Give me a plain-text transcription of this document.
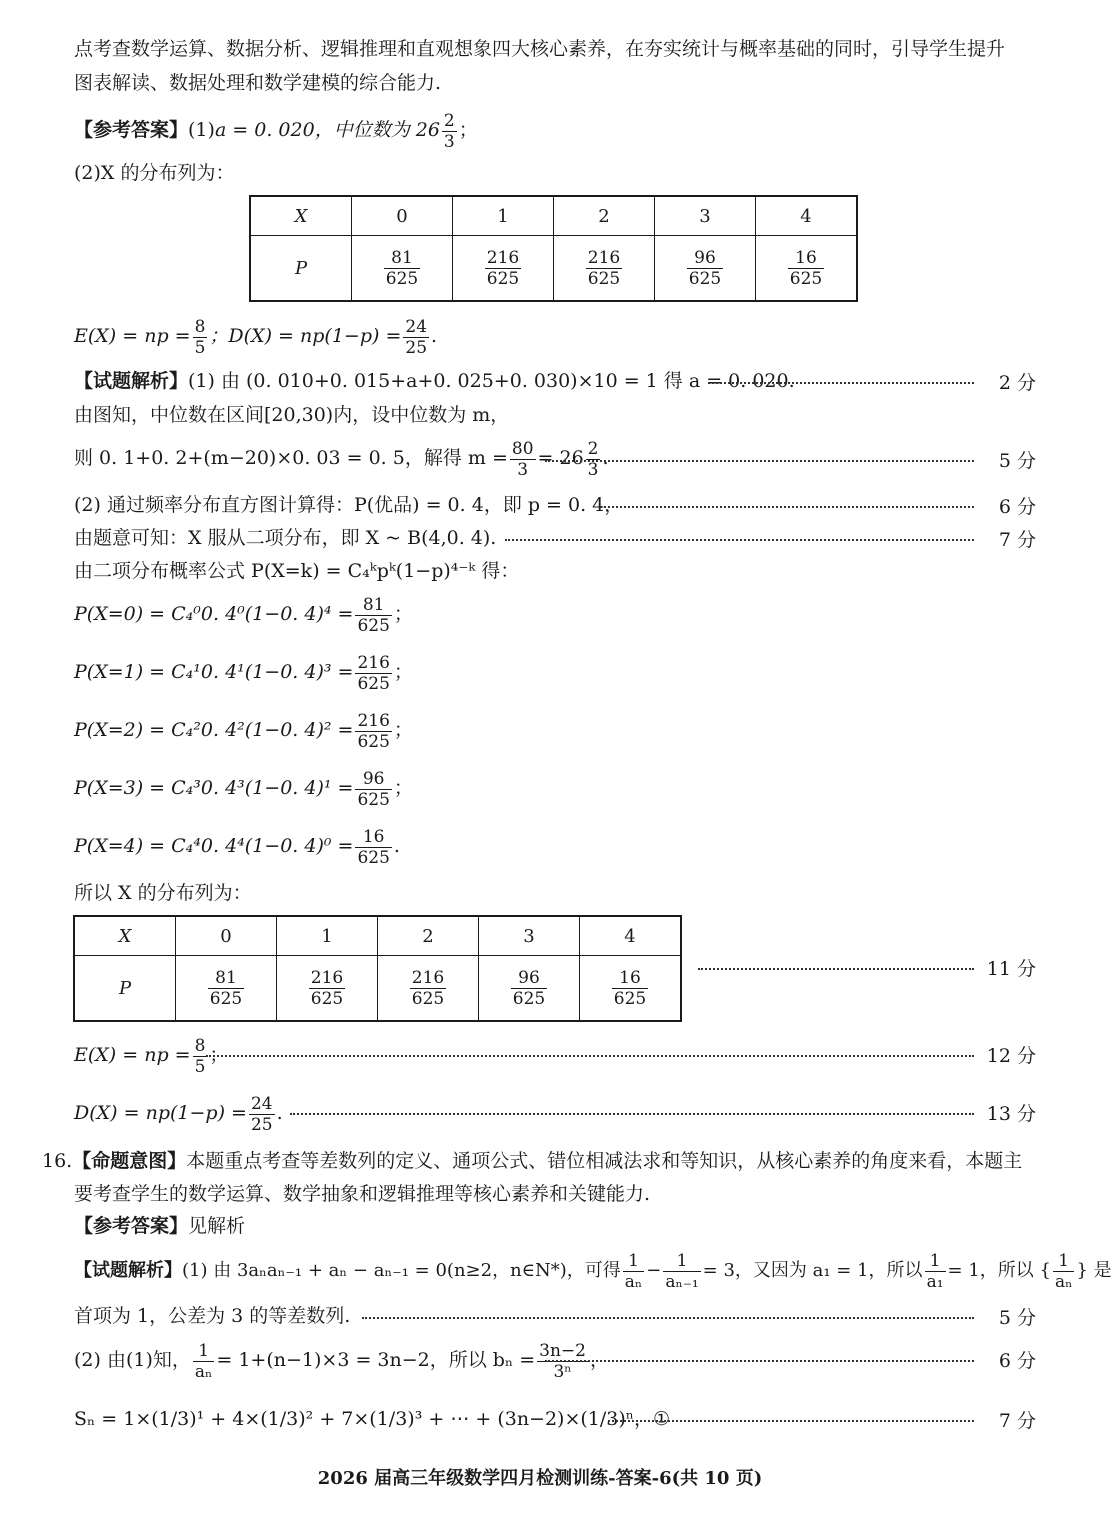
点考查数学运算、数据分析、逻辑推理和直观想象四大核心素养，在夯实统计与概率基础的同时，引导学生提升
图表解读、数据处理和数学建模的综合能力.
【参考答案】(1)a = 0. 020，中位数为 $26 \frac{2}{3}$ ；
(2)X 的分布列为：
X	0	1	2	3	4
P	$\frac{81}{625}$	$\frac{216}{625}$	$\frac{216}{625}$	$\frac{96}{625}$	$\frac{16}{625}$
E(X) = np = $\frac{8}{5}$ ；$D(X) = np(1-p) = \frac{24}{25}$ .
【试题解析】(1) 由 (0. 010+0. 015+a+0. 025+0. 030)×10 = 1 得 a = 0. 020.	2 分
由图知，中位数在区间[20,30)内，设中位数为 m，
则 0. 1+0. 2+(m−20)×0. 03 = 0. 5，解得 $m = \frac{80}{3} = 26 \frac{2}{3}$ .	5 分
(2) 通过频率分布直方图计算得：P(优品) = 0. 4，即 p = 0. 4，	6 分
由题意可知：X 服从二项分布，即 X ~ B(4,0. 4).	7 分
由二项分布概率公式 P(X=k) = C₄ᵏpᵏ(1−p)⁴⁻ᵏ 得：
P(X=0) = C₄⁰0. 4⁰(1−0. $4)^4 = \frac{81}{625}$ ；
P(X=1) = C₄¹0. 4¹(1−0. $4)^3 = \frac{216}{625}$ ；
P(X=2) = C₄²0. 4²(1−0. $4)^2 = \frac{216}{625}$ ；
P(X=3) = C₄³0. 4³(1−0. $4)^1 = \frac{96}{625}$ ；
P(X=4) = C₄⁴0. 4⁴(1−0. $4)^0 = \frac{16}{625}$ .
所以 X 的分布列为：
X	0	1	2	3	4
P	$\frac{81}{625}$	$\frac{216}{625}$	$\frac{216}{625}$	$\frac{96}{625}$	$\frac{16}{625}$	11 分
E(X) = np = $\frac{8}{5}$ ；	12 分
$D(X) = np(1-p) = \frac{24}{25}$ .	13 分
16.【命题意图】本题重点考查等差数列的定义、通项公式、错位相减法求和等知识，从核心素养的角度来看，本题主
要考查学生的数学运算、数学抽象和逻辑推理等核心素养和关键能力.
【参考答案】见解析
【试题解析】(1) 由 3aₙaₙ₋₁ + aₙ − aₙ₋₁ = 0(n≥2，n∈N*)，可得 $\frac{1}{\text{aₙ}} - \frac{1}{\text{aₙ₋₁}} = 3$，又因为 a₁ = 1，所以 $\frac{1}{\text{a₁}} = 1$，所以 { $\frac{1}{\text{aₙ}}$ } 是
首项为 1，公差为 3 的等差数列.	5 分
(2) 由(1)知， $\frac{1}{\text{aₙ}} = 1+(n-1)\times 3 = 3n-2$，所以 $b_n = \frac{3n-2}{\text{3ⁿ}}$ ，	6 分
Sₙ = 1×(1/3)¹ + 4×(1/3)² + 7×(1/3)³ + ⋯ + (3n−2)×(1/3)ⁿ，①	7 分
2026 届高三年级数学四月检测训练-答案-6(共 10 页)
